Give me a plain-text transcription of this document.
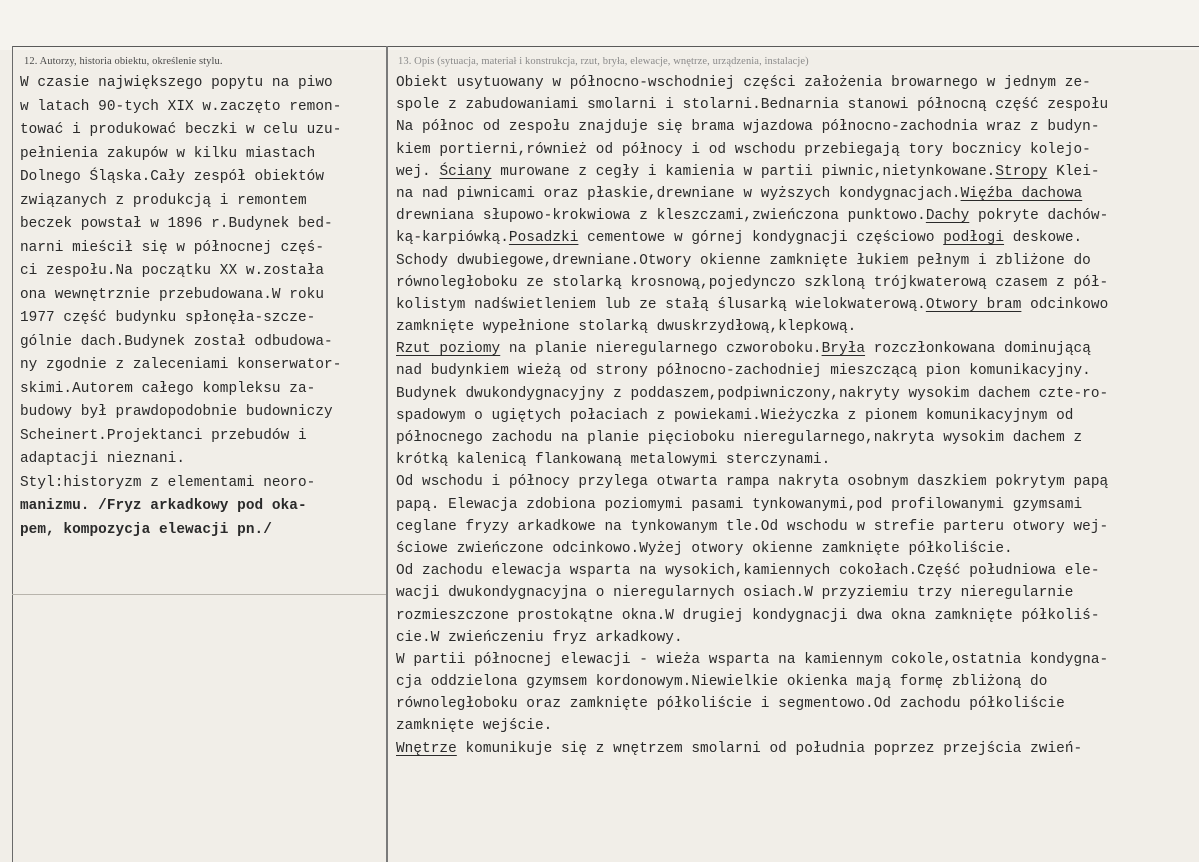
12. Autorzy, historia obiektu, określenie stylu.	13. Opis (sytuacja, materiał i konstrukcja, rzut, bryła, elewacje, wnętrze, urządzenia, instalacje)
W czasie największego popytu na piwo
w latach 90-tych XIX w.zaczęto remon-
tować i produkować beczki w celu uzu-
pełnienia zakupów w kilku miastach
Dolnego Śląska.Cały zespół obiektów
związanych z produkcją i remontem
beczek powstał w 1896 r.Budynek bed-
narni mieścił się w północnej częś-
ci zespołu.Na początku XX w.została
ona wewnętrznie przebudowana.W roku
1977 część budynku spłonęła-szcze-
gólnie dach.Budynek został odbudowa-
ny zgodnie z zaleceniami konserwator-
skimi.Autorem całego kompleksu za-
budowy był prawdopodobnie budowniczy
Scheinert.Projektanci przebudów i
adaptacji nieznani.
Styl:historyzm z elementami neoro-
manizmu. /Fryz arkadkowy pod oka-
pem, kompozycja elewacji pn./
Obiekt usytuowany w północno-wschodniej części założenia browarnego w jednym ze-
spole z zabudowaniami smolarni i stolarni.Bednarnia stanowi północną część zespołu
Na północ od zespołu znajduje się brama wjazdowa północno-zachodnia wraz z budyn-
kiem portierni,również od północy i od wschodu przebiegają tory bocznicy kolejo-
wej. Ściany murowane z cegły i kamienia w partii piwnic,nietynkowane.Stropy Klei-
na nad piwnicami oraz płaskie,drewniane w wyższych kondygnacjach.Więźba dachowa
drewniana słupowo-krokwiowa z kleszczami,zwieńczona punktowo.Dachy pokryte dachów-
ką-karpiówką.Posadzki cementowe w górnej kondygnacji częściowo podłogi deskowe.
Schody dwubiegowe,drewniane.Otwory okienne zamknięte łukiem pełnym i zbliżone do
równoległoboku ze stolarką krosnową,pojedynczo szkloną trójkwaterową czasem z pół-
kolistym nadświetleniem lub ze stałą ślusarką wielokwaterową.Otwory bram odcinkowo
zamknięte wypełnione stolarką dwuskrzydłową,klepkową.
Rzut poziomy na planie nieregularnego czworoboku.Bryła rozczłonkowana dominującą
nad budynkiem wieżą od strony północno-zachodniej mieszczącą pion komunikacyjny.
Budynek dwukondygnacyjny z poddaszem,podpiwniczony,nakryty wysokim dachem czte-ro-
spadowym o ugiętych połaciach z powiekami.Wieżyczka z pionem komunikacyjnym od
północnego zachodu na planie pięcioboku nieregularnego,nakryta wysokim dachem z
krótką kalenicą flankowaną metalowymi sterczynami.
Od wschodu i północy przylega otwarta rampa nakryta osobnym daszkiem pokrytym papą
papą. Elewacja zdobiona poziomymi pasami tynkowanymi,pod profilowanymi gzymsami
ceglane fryzy arkadkowe na tynkowanym tle.Od wschodu w strefie parteru otwory wej-
ściowe zwieńczone odcinkowo.Wyżej otwory okienne zamknięte półkoliście.
Od zachodu elewacja wsparta na wysokich,kamiennych cokołach.Część południowa ele-
wacji dwukondygnacyjna o nieregularnych osiach.W przyziemiu trzy nieregularnie
rozmieszczone prostokątne okna.W drugiej kondygnacji dwa okna zamknięte półkoliś-
cie.W zwieńczeniu fryz arkadkowy.
W partii północnej elewacji - wieża wsparta na kamiennym cokole,ostatnia kondygna-
cja oddzielona gzymsem kordonowym.Niewielkie okienka mają formę zbliżoną do
równoległoboku oraz zamknięte półkoliście i segmentowo.Od zachodu półkoliście
zamknięte wejście.
Wnętrze komunikuje się z wnętrzem smolarni od południa poprzez przejścia zwień-
